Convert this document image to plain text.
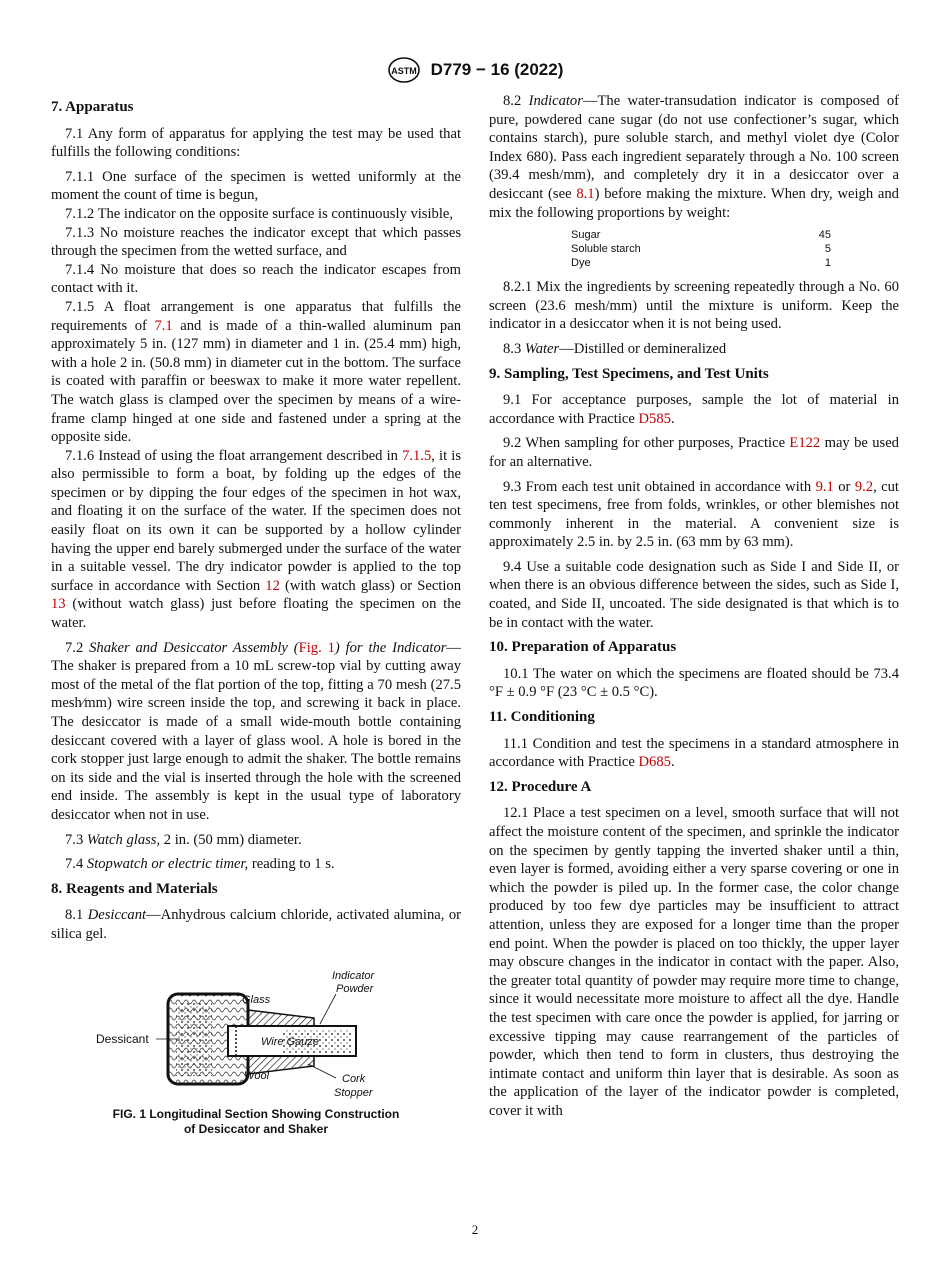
ASTM D779 − 16 (2022)
7. Apparatus

7.1 Any form of apparatus for applying the test may be used that fulfills the following conditions:

7.1.1 One surface of the specimen is wetted uniformly at the moment the count of time is begun,

7.1.2 The indicator on the opposite surface is continuously visible,

7.1.3 No moisture reaches the indicator except that which passes through the specimen from the wetted surface, and

7.1.4 No moisture that does so reach the indicator escapes from contact with it.

7.1.5 A float arrangement is one apparatus that fulfills the requirements of 7.1 and is made of a thin-walled aluminum pan approximately 5 in. (127 mm) in diameter and 1 in. (25.4 mm) high, with a hole 2 in. (50.8 mm) in diameter cut in the bottom. The surface is coated with paraffin or beeswax to make it more water repellent. The watch glass is clamped over the specimen by means of a wire-frame clamp hinged at one side and fastened under a spring at the opposite side.

7.1.6 Instead of using the float arrangement described in 7.1.5, it is also permissible to form a boat, by folding up the edges of the specimen or by dipping the four edges of the specimen in hot wax, and floating it on the surface of the water. If the specimen does not easily float on its own it can be supported by a hollow cylinder having the upper end barely submerged under the surface of the water in a suitable vessel. The dry indicator powder is applied to the top surface in accordance with Section 12 (with watch glass) or Section 13 (without watch glass) just before floating the specimen on the water.

7.2 Shaker and Desiccator Assembly (Fig. 1) for the Indicator—The shaker is prepared from a 10 mL screw-top vial by cutting away most of the metal of the flat portion of the top, fitting a 70 mesh (27.5 mesh⁄mm) wire screen inside the top, and screwing it back in place. The desiccator is made of a small wide-mouth bottle containing desiccant covered with a layer of glass wool. A hole is bored in the cork stopper just large enough to admit the shaker. The bottle remains on its side and the vial is inserted through the hole with the screened end inside. The assembly is kept in the usual type of laboratory desiccator when not in use.

7.3 Watch glass, 2 in. (50 mm) diameter.

7.4 Stopwatch or electric timer, reading to 1 s.

8. Reagents and Materials

8.1 Desiccant—Anhydrous calcium chloride, activated alumina, or silica gel.

Dessicant
Indicator
Powder
Glass
Wire Gauze
Wool	Cork
Stopper
FIG. 1 Longitudinal Section Showing Construction
of Desiccator and Shaker

8.2 Indicator—The water-transudation indicator is composed of pure, powdered cane sugar (do not use confectioner’s sugar, which contains starch), pure soluble starch, and methyl violet dye (Color Index 680). Pass each ingredient separately through a No. 100 screen (39.4 mesh/mm), and completely dry it in a desiccator over a desiccant (see 8.1) before making the mixture. When dry, weigh and mix the following proportions by weight:

Sugar	45
Soluble starch	5
Dye	1

8.2.1 Mix the ingredients by screening repeatedly through a No. 60 screen (23.6 mesh/mm) until the mixture is uniform. Keep the indicator in a desiccator when it is not being used.

8.3 Water—Distilled or demineralized

9. Sampling, Test Specimens, and Test Units

9.1 For acceptance purposes, sample the lot of material in accordance with Practice D585.

9.2 When sampling for other purposes, Practice E122 may be used for an alternative.

9.3 From each test unit obtained in accordance with 9.1 or 9.2, cut ten test specimens, free from folds, wrinkles, or other blemishes not commonly inherent in the material. A convenient size is approximately 2.5 in. by 2.5 in. (63 mm by 63 mm).

9.4 Use a suitable code designation such as Side I and Side II, or when there is an obvious difference between the sides, such as Side I, coated, and Side II, uncoated. The side designated is that which is to be in contact with the water.

10. Preparation of Apparatus

10.1 The water on which the specimens are floated should be 73.4 °F ± 0.9 °F (23 °C ± 0.5 °C).

11. Conditioning

11.1 Condition and test the specimens in a standard atmosphere in accordance with Practice D685.

12. Procedure A

12.1 Place a test specimen on a level, smooth surface that will not affect the moisture content of the specimen, and sprinkle the indicator on the specimen by gently tapping the inverted shaker until a thin, even layer is formed, avoiding either a very sparse covering or one in which the powder is piled up. In the former case, the color change produced by too few dye particles may be insufficient to attract attention, unless they are exposed for a longer time than the proper end point. When the powder is placed on too thickly, the upper layer may obscure changes in the indicator in contact with the paper. Also, the greater total quantity of powder may require more time to change, since it would necessitate more moisture to affect all the dye. Handle the test specimen with care once the powder is applied, for jarring or excessive tipping may cause rearrangement of the particles of powder, which then tend to form in clusters, thus destroying the intimate contact and uniform thin layer that is desirable. As soon as the application of the layer of the indicator powder is completed, cover it with

2
